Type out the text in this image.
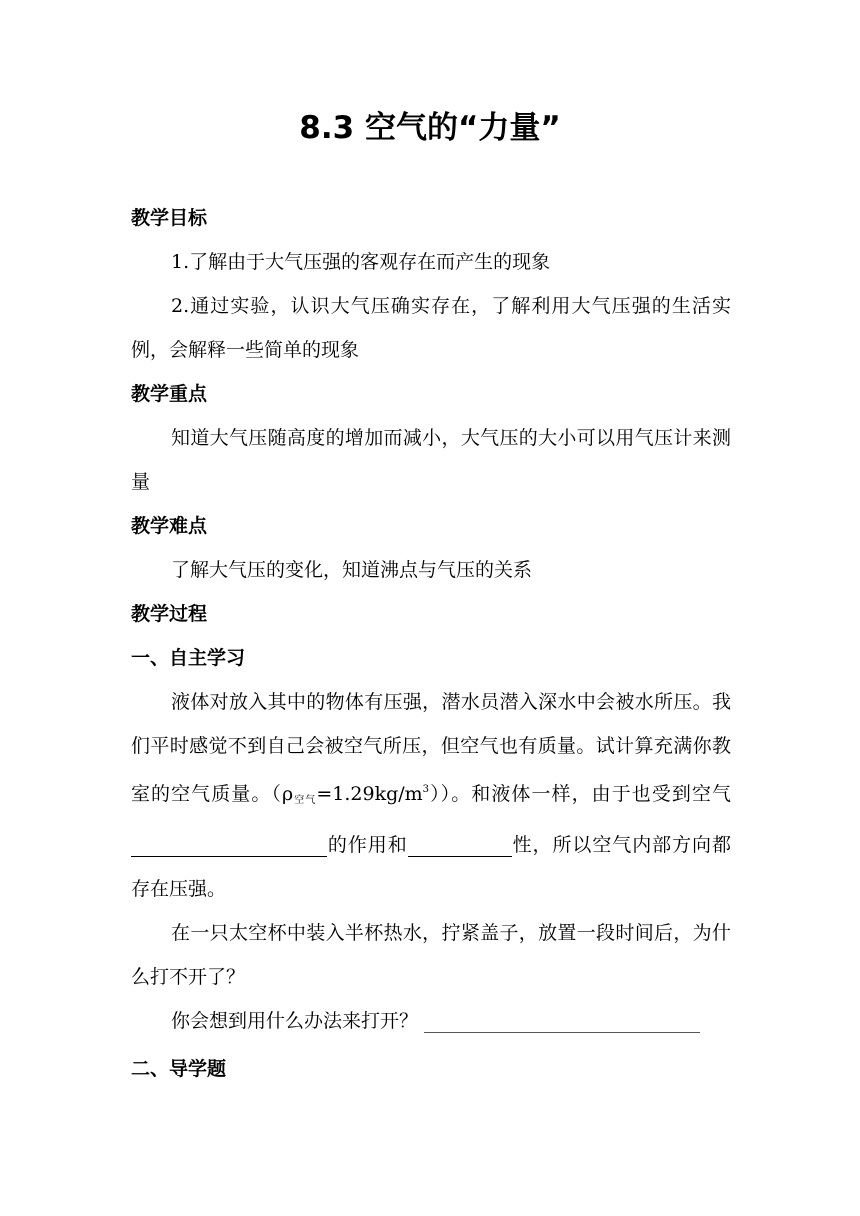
8.3 空气的“力量”

教学目标

1.了解由于大气压强的客观存在而产生的现象

2.通过实验，认识大气压确实存在，了解利用大气压强的生活实例，会解释一些简单的现象

教学重点

知道大气压随高度的增加而减小，大气压的大小可以用气压计来测量

教学难点

了解大气压的变化，知道沸点与气压的关系

教学过程

一、自主学习

液体对放入其中的物体有压强，潜水员潜入深水中会被水所压。我们平时感觉不到自己会被空气所压，但空气也有质量。试计算充满你教室的空气质量。$(\rho_{空气}=1.29kg/m^3)$）。和液体一样，由于也受到空气的作用和	性，所以空气内部方向都存在压强。

在一只太空杯中装入半杯热水，拧紧盖子，放置一段时间后，为什么打不开了？

你会想到用什么办法来打开？

二、导学题
